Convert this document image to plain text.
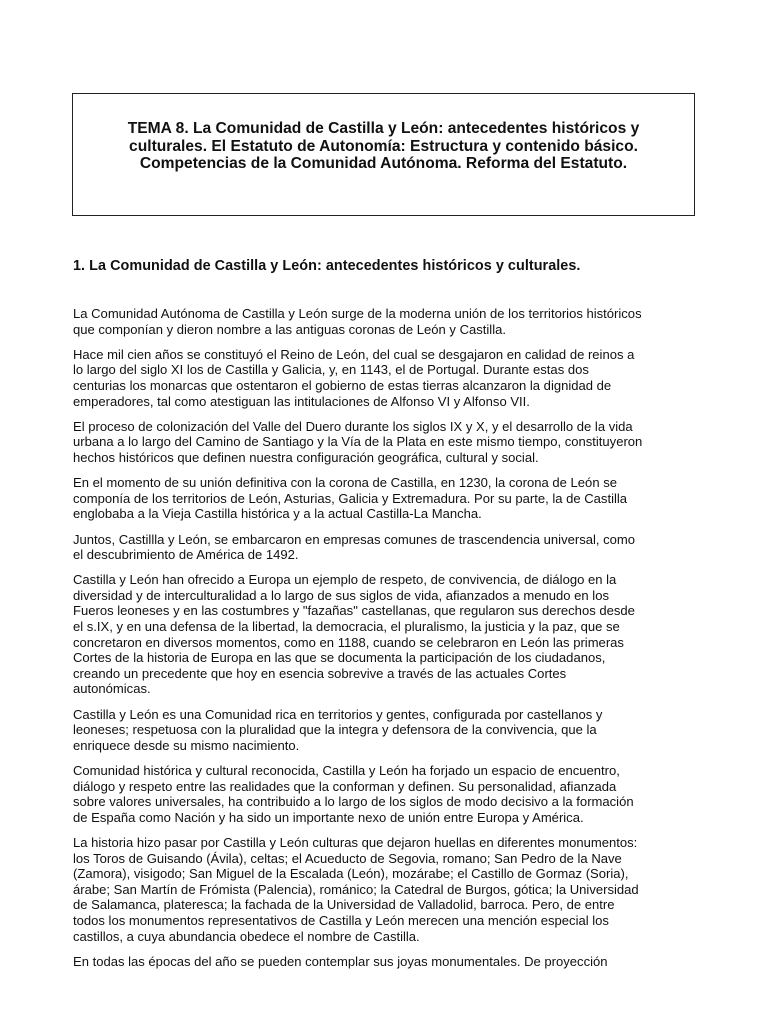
TEMA 8. La Comunidad de Castilla y León: antecedentes históricos y culturales. El Estatuto de Autonomía: Estructura y contenido básico. Competencias de la Comunidad Autónoma. Reforma del Estatuto.

1. La Comunidad de Castilla y León: antecedentes históricos y culturales.

La Comunidad Autónoma de Castilla y León surge de la moderna unión de los territorios históricos
que componían y dieron nombre a las antiguas coronas de León y Castilla.

Hace mil cien años se constituyó el Reino de León, del cual se desgajaron en calidad de reinos a
lo largo del siglo XI los de Castilla y Galicia, y, en 1143, el de Portugal. Durante estas dos
centurias los monarcas que ostentaron el gobierno de estas tierras alcanzaron la dignidad de
emperadores, tal como atestiguan las intitulaciones de Alfonso VI y Alfonso VII.

El proceso de colonización del Valle del Duero durante los siglos IX y X, y el desarrollo de la vida
urbana a lo largo del Camino de Santiago y la Vía de la Plata en este mismo tiempo, constituyeron
hechos históricos que definen nuestra configuración geográfica, cultural y social.

En el momento de su unión definitiva con la corona de Castilla, en 1230, la corona de León se
componía de los territorios de León, Asturias, Galicia y Extremadura. Por su parte, la de Castilla
englobaba a la Vieja Castilla histórica y a la actual Castilla-La Mancha.

Juntos, Castillla y León, se embarcaron en empresas comunes de trascendencia universal, como
el descubrimiento de América de 1492.

Castilla y León han ofrecido a Europa un ejemplo de respeto, de convivencia, de diálogo en la
diversidad y de interculturalidad a lo largo de sus siglos de vida, afianzados a menudo en los
Fueros leoneses y en las costumbres y "fazañas" castellanas, que regularon sus derechos desde
el s.IX, y en una defensa de la libertad, la democracia, el pluralismo, la justicia y la paz, que se
concretaron en diversos momentos, como en 1188, cuando se celebraron en León las primeras
Cortes de la historia de Europa en las que se documenta la participación de los ciudadanos,
creando un precedente que hoy en esencia sobrevive a través de las actuales Cortes
autonómicas.

Castilla y León es una Comunidad rica en territorios y gentes, configurada por castellanos y
leoneses; respetuosa con la pluralidad que la integra y defensora de la convivencia, que la
enriquece desde su mismo nacimiento.

Comunidad histórica y cultural reconocida, Castilla y León ha forjado un espacio de encuentro,
diálogo y respeto entre las realidades que la conforman y definen. Su personalidad, afianzada
sobre valores universales, ha contribuido a lo largo de los siglos de modo decisivo a la formación
de España como Nación y ha sido un importante nexo de unión entre Europa y América.

La historia hizo pasar por Castilla y León culturas que dejaron huellas en diferentes monumentos:
los Toros de Guisando (Ávila), celtas; el Acueducto de Segovia, romano; San Pedro de la Nave
(Zamora), visigodo; San Miguel de la Escalada (León), mozárabe; el Castillo de Gormaz (Soria),
árabe; San Martín de Frómista (Palencia), románico; la Catedral de Burgos, gótica; la Universidad
de Salamanca, plateresca; la fachada de la Universidad de Valladolid, barroca. Pero, de entre
todos los monumentos representativos de Castilla y León merecen una mención especial los
castillos, a cuya abundancia obedece el nombre de Castilla.

En todas las épocas del año se pueden contemplar sus joyas monumentales. De proyección
